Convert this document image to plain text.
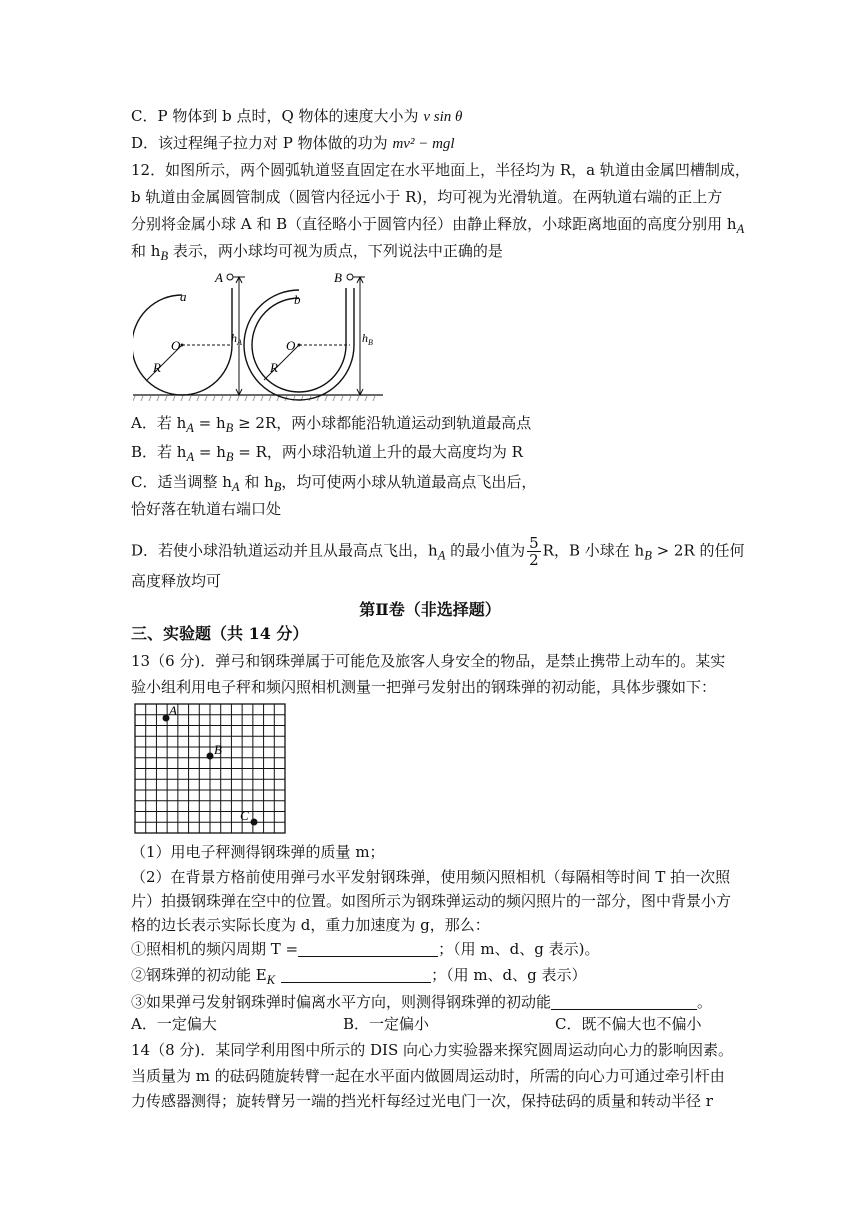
C．P 物体到 b 点时，Q 物体的速度大小为 v sin θ
D．该过程绳子拉力对 P 物体做的功为 mv² − mgl
12．如图所示，两个圆弧轨道竖直固定在水平地面上，半径均为 R，a 轨道由金属凹槽制成，
b 轨道由金属圆管制成（圆管内径远小于 R)，均可视为光滑轨道。在两轨道右端的正上方
分别将金属小球 A 和 B（直径略小于圆管内径）由静止释放，小球距离地面的高度分别用 $h_A$
和 $h_B$ 表示，两小球均可视为质点，下列说法中正确的是
a
O
R
A
$h_A$
b
O
R
B
$h_B$
A．若 $h_A = h_B \ge 2R$，两小球都能沿轨道运动到轨道最高点
B．若 $h_A = h_B = R$，两小球沿轨道上升的最大高度均为 R
C．适当调整 $h_A$ 和 $h_B$，均可使两小球从轨道最高点飞出后，
恰好落在轨道右端口处
D．若使小球沿轨道运动并且从最高点飞出，$h_A$ 的最小值为 $\frac{5}{2}$ R，B 小球在 $h_B > 2R$ 的任何
高度释放均可
第Ⅱ卷（非选择题）
三、实验题（共 14 分）
13（6 分)．弹弓和钢珠弹属于可能危及旅客人身安全的物品，是禁止携带上动车的。某实
验小组利用电子秤和频闪照相机测量一把弹弓发射出的钢珠弹的初动能，具体步骤如下：
A
B
C
（1）用电子秤测得钢珠弹的质量 m；
（2）在背景方格前使用弹弓水平发射钢珠弹，使用频闪照相机（每隔相等时间 T 拍一次照
片）拍摄钢珠弹在空中的位置。如图所示为钢珠弹运动的频闪照片的一部分，图中背景小方
格的边长表示实际长度为 d，重力加速度为 g，那么：
①照相机的频闪周期 T =	；（用 m、d、g 表示)。
②钢珠弹的初动能 $E_K$	；（用 m、d、g 表示）
③如果弹弓发射钢珠弹时偏离水平方向，则测得钢珠弹的初动能	。
A．一定偏大	B．一定偏小	C．既不偏大也不偏小
14（8 分)．某同学利用图中所示的 DIS 向心力实验器来探究圆周运动向心力的影响因素。
当质量为 m 的砝码随旋转臂一起在水平面内做圆周运动时，所需的向心力可通过牵引杆由
力传感器测得；旋转臂另一端的挡光杆每经过光电门一次，保持砝码的质量和转动半径 r
